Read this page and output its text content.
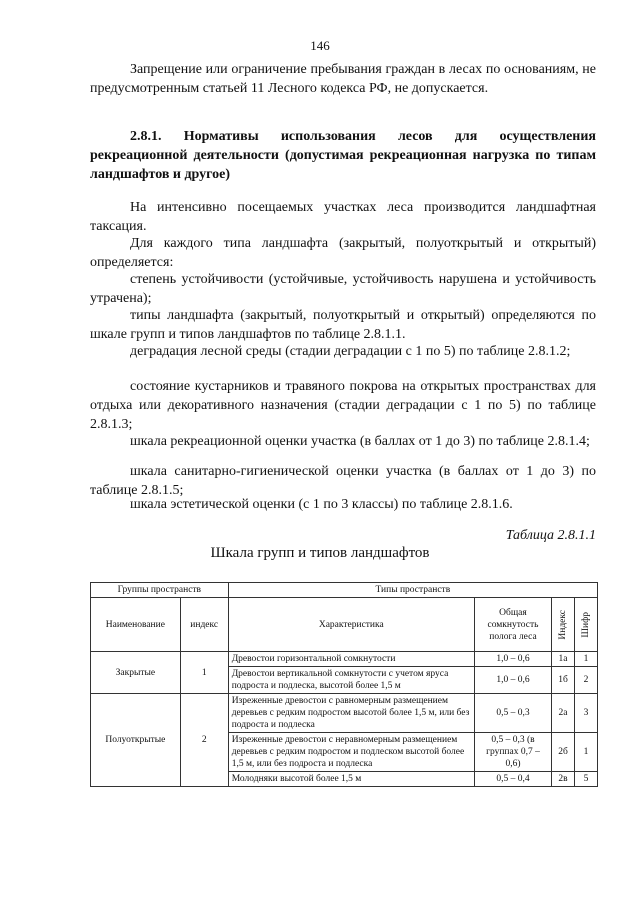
146

Запрещение или ограничение пребывания граждан в лесах по основаниям, не предусмотренным статьей 11 Лесного кодекса РФ, не допускается.

2.8.1. Нормативы использования лесов для осуществления рекреационной деятельности (допустимая рекреационная нагрузка по типам ландшафтов и другое)

На интенсивно посещаемых участках леса производится ландшафтная таксация.

Для каждого типа ландшафта (закрытый, полуоткрытый и открытый) определяется:

степень устойчивости (устойчивые, устойчивость нарушена и устойчивость утрачена);

типы ландшафта (закрытый, полуоткрытый и открытый) определяются по шкале групп и типов ландшафтов по таблице 2.8.1.1.

деградация лесной среды (стадии деградации с 1 по 5) по таблице 2.8.1.2;

состояние кустарников и травяного покрова на открытых пространствах для отдыха или декоративного назначения (стадии деградации с 1 по 5) по таблице 2.8.1.3;

шкала рекреационной оценки участка (в баллах от 1 до 3) по таблице 2.8.1.4;

шкала санитарно-гигиенической оценки участка (в баллах от 1 до 3) по таблице 2.8.1.5;

шкала эстетической оценки (с 1 по 3 классы) по таблице 2.8.1.6.

Таблица 2.8.1.1
Шкала групп и типов ландшафтов
Группы пространств		Типы пространств			
Наименование	индекс	Характеристика	Общая сомкнутость полога леса	Индекс	Шифр

Закрытые	1	Древостои горизонтальной сомкнутости	1,0 – 0,6	1а	1
		Древостои вертикальной сомкнутости с учетом яруса подроста и подлеска, высотой более 1,5 м	1,0 – 0,6	1б	2
Полуоткрытые	2	Изреженные древостои с равномерным размещением деревьев с редким подростом высотой более 1,5 м, или без подроста и подлеска	0,5 – 0,3	2а	3
		Изреженные древостои с неравномерным размещением деревьев с редким подростом и подлеском высотой более 1,5 м, или без подроста и подлеска	0,5 – 0,3 (в группах 0,7 – 0,6)	2б	1
		Молодняки высотой более 1,5 м	0,5 – 0,4	2в	5
